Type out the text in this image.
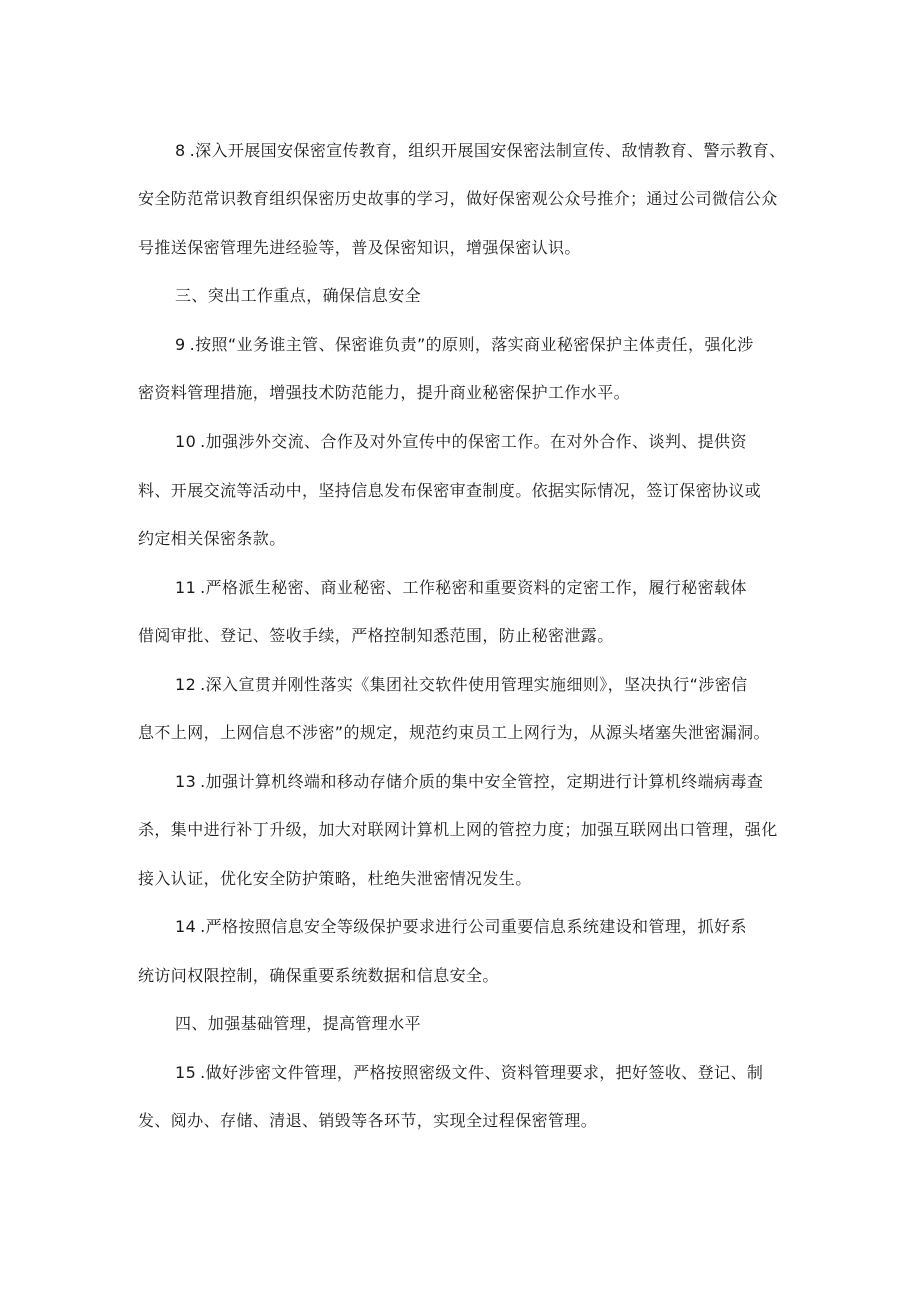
8 .深入开展国安保密宣传教育，组织开展国安保密法制宣传、敌情教育、警示教育、
安全防范常识教育组织保密历史故事的学习，做好保密观公众号推介；通过公司微信公众
号推送保密管理先进经验等，普及保密知识，增强保密认识。
三、突出工作重点，确保信息安全
9 .按照“业务谁主管、保密谁负责”的原则，落实商业秘密保护主体责任，强化涉
密资料管理措施，增强技术防范能力，提升商业秘密保护工作水平。
10 .加强涉外交流、合作及对外宣传中的保密工作。在对外合作、谈判、提供资
料、开展交流等活动中，坚持信息发布保密审查制度。依据实际情况，签订保密协议或
约定相关保密条款。
11 .严格派生秘密、商业秘密、工作秘密和重要资料的定密工作，履行秘密载体
借阅审批、登记、签收手续，严格控制知悉范围，防止秘密泄露。
12 .深入宣贯并刚性落实《集团社交软件使用管理实施细则》，坚决执行“涉密信
息不上网，上网信息不涉密”的规定，规范约束员工上网行为，从源头堵塞失泄密漏洞。
13 .加强计算机终端和移动存储介质的集中安全管控，定期进行计算机终端病毒查
杀，集中进行补丁升级，加大对联网计算机上网的管控力度；加强互联网出口管理，强化
接入认证，优化安全防护策略，杜绝失泄密情况发生。
14 .严格按照信息安全等级保护要求进行公司重要信息系统建设和管理，抓好系
统访问权限控制，确保重要系统数据和信息安全。
四、加强基础管理，提高管理水平
15 .做好涉密文件管理，严格按照密级文件、资料管理要求，把好签收、登记、制
发、阅办、存储、清退、销毁等各环节，实现全过程保密管理。
